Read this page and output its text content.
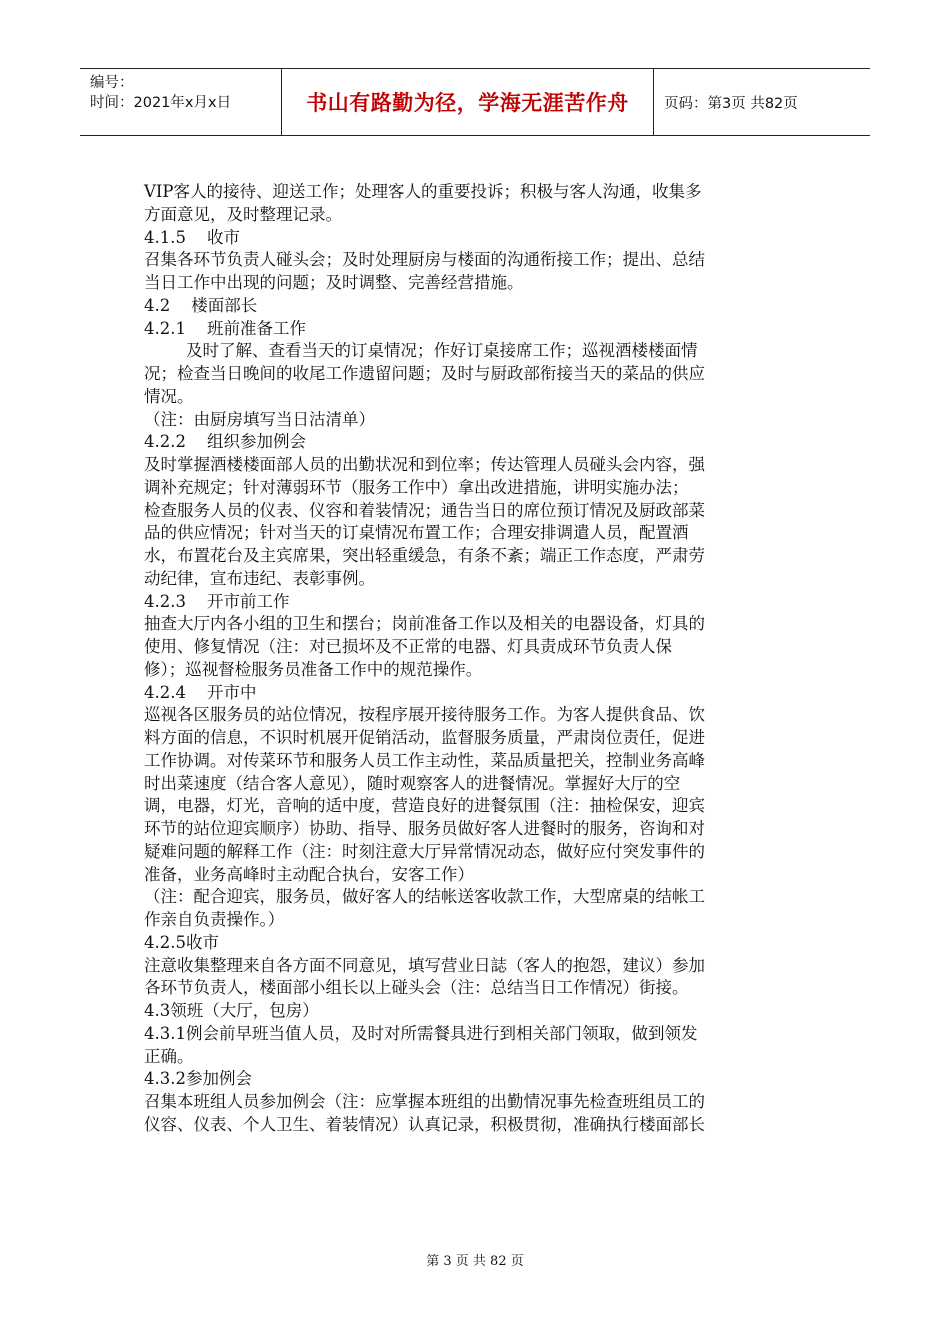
编号：
时间：2021年x月x日	书山有路勤为径，学海无涯苦作舟	页码：第3页 共82页

VIP客人的接待、迎送工作；处理客人的重要投诉；积极与客人沟通，收集多

方面意见，及时整理记录。

4.1.5    收市

召集各环节负责人碰头会；及时处理厨房与楼面的沟通衔接工作；提出、总结

当日工作中出现的问题；及时调整、完善经营措施。

4.2    楼面部长

4.2.1    班前准备工作

及时了解、查看当天的订桌情况；作好订桌接席工作；巡视酒楼楼面情

况；检查当日晚间的收尾工作遗留问题；及时与厨政部衔接当天的菜品的供应

情况。

（注：由厨房填写当日沽清单）

4.2.2    组织参加例会

及时掌握酒楼楼面部人员的出勤状况和到位率；传达管理人员碰头会内容，强

调补充规定；针对薄弱环节（服务工作中）拿出改进措施，讲明实施办法；

检查服务人员的仪表、仪容和着装情况；通告当日的席位预订情况及厨政部菜

品的供应情况；针对当天的订桌情况布置工作；合理安排调遣人员，配置酒

水，布置花台及主宾席果，突出轻重缓急，有条不紊；端正工作态度，严肃劳

动纪律，宣布违纪、表彰事例。

4.2.3    开市前工作

抽查大厅内各小组的卫生和摆台；岗前准备工作以及相关的电器设备，灯具的

使用、修复情况（注：对已损坏及不正常的电器、灯具责成环节负责人保

修）；巡视督检服务员准备工作中的规范操作。

4.2.4    开市中

巡视各区服务员的站位情况，按程序展开接待服务工作。为客人提供食品、饮

料方面的信息，不识时机展开促销活动，监督服务质量，严肃岗位责任，促进

工作协调。对传菜环节和服务人员工作主动性，菜品质量把关，控制业务高峰

时出菜速度（结合客人意见），随时观察客人的进餐情况。掌握好大厅的空

调，电器，灯光，音响的适中度，营造良好的进餐氛围（注：抽检保安，迎宾

环节的站位迎宾顺序）协助、指导、服务员做好客人进餐时的服务，咨询和对

疑难问题的解释工作（注：时刻注意大厅异常情况动态，做好应付突发事件的

准备，业务高峰时主动配合执台，安客工作）

（注：配合迎宾，服务员，做好客人的结帐送客收款工作，大型席桌的结帐工

作亲自负责操作。）

4.2.5收市

注意收集整理来自各方面不同意见，填写营业日誌（客人的抱怨，建议）参加

各环节负责人，楼面部小组长以上碰头会（注：总结当日工作情况）街接。

4.3领班（大厅，包房）

4.3.1例会前早班当值人员，及时对所需餐具进行到相关部门领取，做到领发

正确。

4.3.2参加例会

召集本班组人员参加例会（注：应掌握本班组的出勤情况事先检查班组员工的

仪容、仪表、个人卫生、着装情况）认真记录，积极贯彻，准确执行楼面部长

第 3 页 共 82 页
